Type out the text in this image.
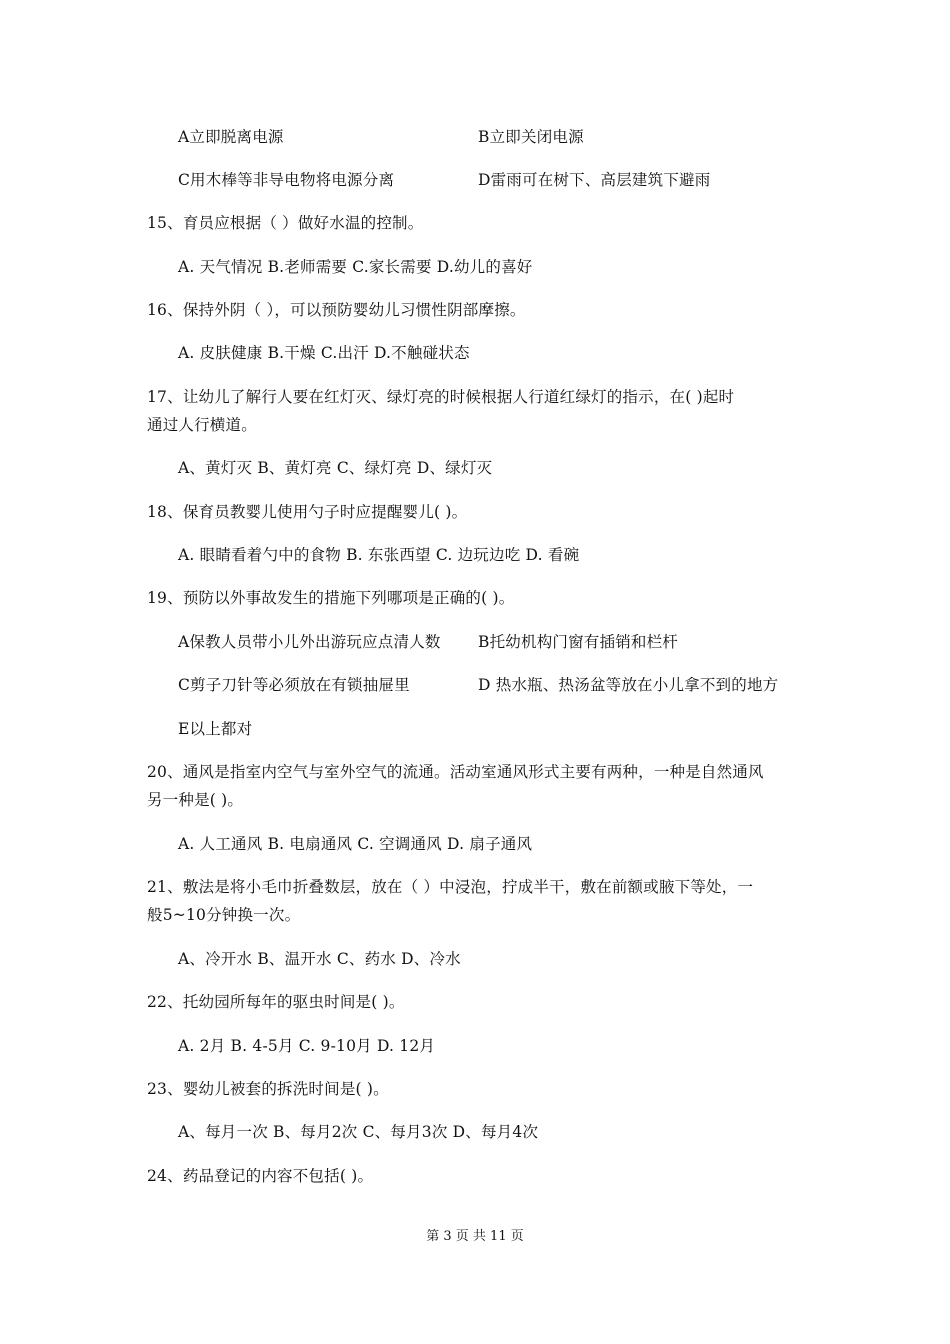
A立即脱离电源	B立即关闭电源
C用木棒等非导电物将电源分离	D雷雨可在树下、高层建筑下避雨
15、育员应根据（ ）做好水温的控制。
A. 天气情况 B.老师需要 C.家长需要 D.幼儿的喜好
16、保持外阴（ ），可以预防婴幼儿习惯性阴部摩擦。
A. 皮肤健康 B.干燥 C.出汗 D.不触碰状态
17、让幼儿了解行人要在红灯灭、绿灯亮的时候根据人行道红绿灯的指示，在( )起时
通过人行横道。
A、黄灯灭 B、黄灯亮 C、绿灯亮 D、绿灯灭
18、保育员教婴儿使用勺子时应提醒婴儿( )。
A. 眼睛看着勺中的食物 B. 东张西望 C. 边玩边吃 D. 看碗
19、预防以外事故发生的措施下列哪项是正确的( )。
A保教人员带小儿外出游玩应点清人数 B托幼机构门窗有插销和栏杆
C剪子刀针等必须放在有锁抽屉里	D 热水瓶、热汤盆等放在小儿拿不到的地方
E以上都对
20、通风是指室内空气与室外空气的流通。活动室通风形式主要有两种，一种是自然通风
另一种是( )。
A. 人工通风 B. 电扇通风 C. 空调通风 D. 扇子通风
21、敷法是将小毛巾折叠数层，放在（ ）中浸泡，拧成半干，敷在前额或腋下等处，一
般5~10分钟换一次。
A、冷开水 B、温开水 C、药水 D、冷水
22、托幼园所每年的驱虫时间是( )。
A. 2月 B. 4-5月 C. 9-10月 D. 12月
23、婴幼儿被套的拆洗时间是( )。
A、每月一次 B、每月2次 C、每月3次 D、每月4次
24、药品登记的内容不包括( )。
第 3 页 共 11 页
